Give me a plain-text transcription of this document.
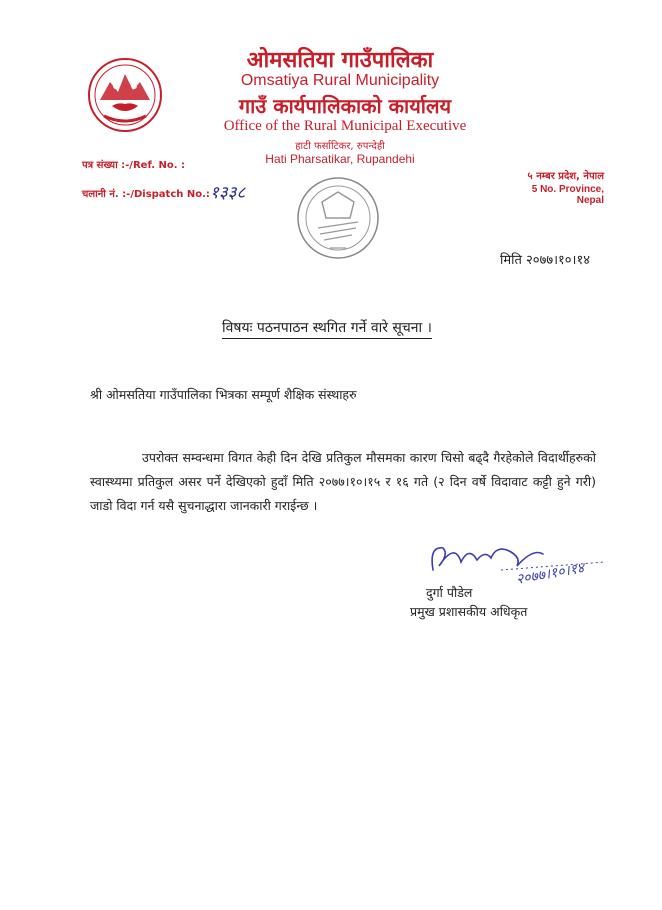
ओमसतिया गाउँपालिका
Omsatiya Rural Municipality
गाउँ कार्यपालिकाको कार्यालय
Office of the Rural Municipal Executive
हाटी फर्साटिकर, रुपन्देही
Hati Pharsatikar, Rupandehi
पत्र संख्या :-/Ref. No. :
चलानी नं. :-/Dispatch No.: १३३८
५ नम्बर प्रदेश, नेपाल
5 No. Province, Nepal
मिति २०७७।१०।१४
विषयः पठनपाठन स्थगित गर्ने वारे सूचना ।
श्री ओमसतिया गाउँपालिका भित्रका सम्पूर्ण शैक्षिक संस्थाहरु
उपरोक्त सम्वन्धमा विगत केही दिन देखि प्रतिकुल मौसमका कारण चिसो बढ्दै गैरहेकोले विदार्थीहरुको स्वास्थ्यमा प्रतिकुल असर पर्ने देखिएको हुदाँ मिति २०७७।१०।१५ र १६ गते (२ दिन वर्षे विदावाट कट्टी हुने गरी) जाडो विदा गर्न यसै सुचनाद्धारा जानकारी गराईन्छ ।
२०७७।१०।१४
दुर्गा पौडेल
प्रमुख प्रशासकीय अधिकृत
